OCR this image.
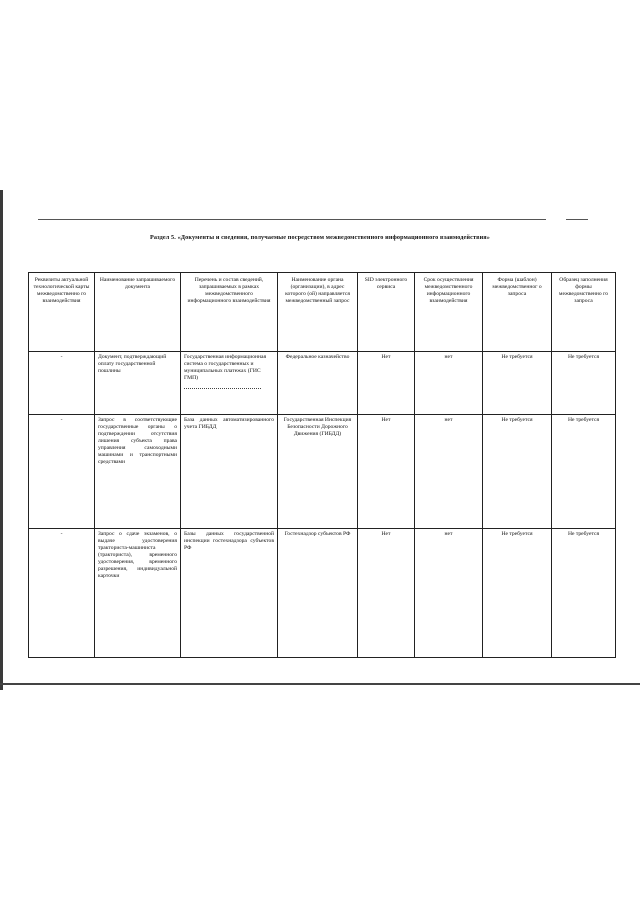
Раздел 5. «Документы и сведения, получаемые посредством межведомственного информационного взаимодействия»
Реквизиты актуальной технологической карты межведомственно го взаимодействия	Наименование запрашиваемого документа	Перечень и состав сведений, запрашиваемых в рамках межведомственного информационного взаимодействия	Наименование органа (организации), в адрес которого (ой) направляется межведомственный запрос	SID электронного сервиса	Срок осуществления межведомственного информационного взаимодействия	Форма (шаблон) межведомственног о запроса	Образец заполнения формы межведомственно го запроса
-	Документ, подтверждающий оплату государственной пошлины	Государственная информационная система о государственных и муниципальных платежах (ГИС ГМП)	Федеральное казначейство	Нет	нет	Не требуется	Не требуется
-	Запрос в соответствующие государственные органы о подтверждении отсутствия лишения субъекта права управления самоходными машинами и транспортными средствами	База данных автоматизированного учета ГИБДД	Государственная Инспекция Безопасности Дорожного Движения (ГИБДД)	Нет	нет	Не требуется	Не требуется
-	Запрос о сдаче экзаменов, о выдаче удостоверения тракториста-машиниста (тракториста), временного удостоверения, временного разрешения, индивидуальной карточки	Базы данных государственной инспекции гостехнадзора субъектов РФ	Гостехнадзор субъектов РФ	Нет	нет	Не требуется	Не требуется
